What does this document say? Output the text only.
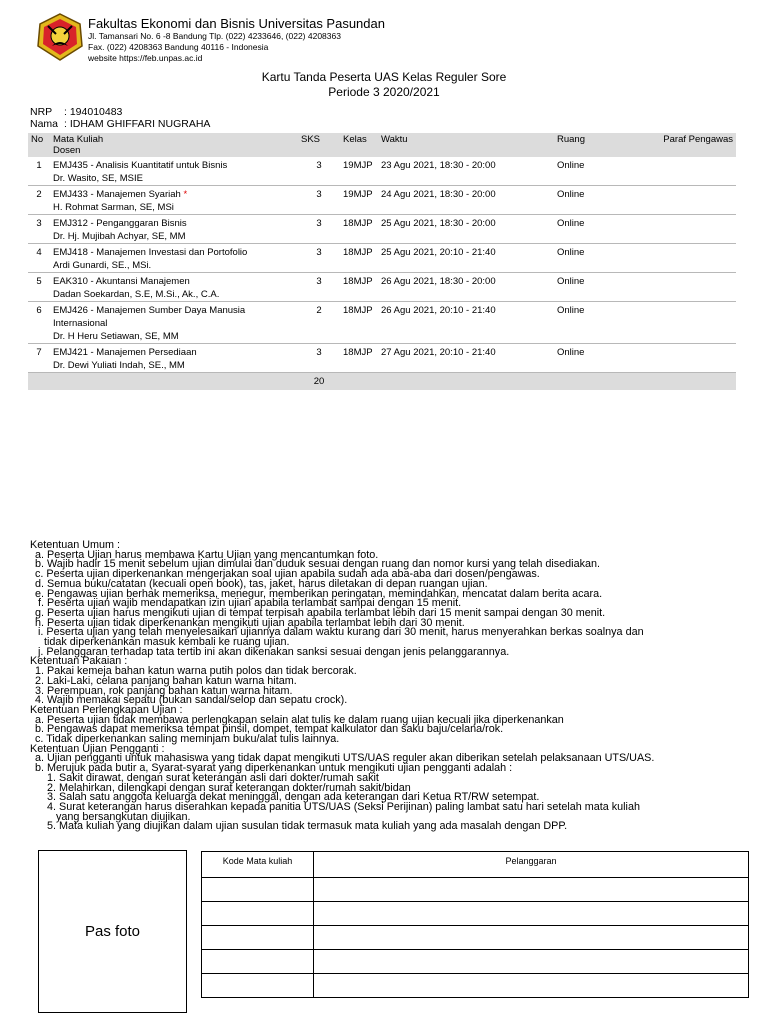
Fakultas Ekonomi dan Bisnis Universitas Pasundan
Jl. Tamansari No. 6 -8 Bandung Tlp. (022) 4233646, (022) 4208363
Fax. (022) 4208363 Bandung 40116 - Indonesia
website https://feb.unpas.ac.id
Kartu Tanda Peserta UAS Kelas Reguler Sore
Periode 3 2020/2021
NRP : 194010483
Nama : IDHAM GHIFFARI NUGRAHA
No	Mata Kuliah
Dosen	SKS	Kelas	Waktu	Ruang	Paraf Pengawas
1	EMJ435 - Analisis Kuantitatif untuk Bisnis
Dr. Wasito, SE, MSIE	3	19MJP	23 Agu 2021, 18:30 - 20:00	Online	
2	EMJ433 - Manajemen Syariah *
H. Rohmat Sarman, SE, MSi	3	19MJP	24 Agu 2021, 18:30 - 20:00	Online	
3	EMJ312 - Penganggaran Bisnis
Dr. Hj. Mujibah Achyar, SE, MM	3	18MJP	25 Agu 2021, 18:30 - 20:00	Online	
4	EMJ418 - Manajemen Investasi dan Portofolio
Ardi Gunardi, SE., MSi.	3	18MJP	25 Agu 2021, 20:10 - 21:40	Online	
5	EAK310 - Akuntansi Manajemen
Dadan Soekardan, S.E, M.Si., Ak., C.A.	3	18MJP	26 Agu 2021, 18:30 - 20:00	Online	
6	EMJ426 - Manajemen Sumber Daya Manusia
Internasional
Dr. H Heru Setiawan, SE, MM	2	18MJP	26 Agu 2021, 20:10 - 21:40	Online	
7	EMJ421 - Manajemen Persediaan
Dr. Dewi Yuliati Indah, SE., MM	3	18MJP	27 Agu 2021, 20:10 - 21:40	Online	
		20				
Ketentuan Umum :
a. Peserta Ujian harus membawa Kartu Ujian yang mencantumkan foto.
b. Wajib hadir 15 menit sebelum ujian dimulai dan duduk sesuai dengan ruang dan nomor kursi yang telah disediakan.
c. Peserta ujian diperkenankan mengerjakan soal ujian apabila sudah ada aba-aba dari dosen/pengawas.
d. Semua buku/catatan (kecuali open book), tas, jaket, harus diletakan di depan ruangan ujian.
e. Pengawas ujian berhak memeriksa, menegur, memberikan peringatan, memindahkan, mencatat dalam berita acara.
f. Peserta ujian wajib mendapatkan izin ujian apabila terlambat sampai dengan 15 menit.
g. Peserta ujian harus mengikuti ujian di tempat terpisah apabila terlambat lebih dari 15 menit sampai dengan 30 menit.
h. Peserta ujian tidak diperkenankan mengikuti ujian apabila terlambat lebih dari 30 menit.
i. Peserta ujian yang telah menyelesaikan ujiannya dalam waktu kurang dari 30 menit, harus menyerahkan berkas soalnya dan
tidak diperkenankan masuk kembali ke ruang ujian.
j. Pelanggaran terhadap tata tertib ini akan dikenakan sanksi sesuai dengan jenis pelanggarannya.
Ketentuan Pakaian :
1. Pakai kemeja bahan katun warna putih polos dan tidak bercorak.
2. Laki-Laki, celana panjang bahan katun warna hitam.
3. Perempuan, rok panjang bahan katun warna hitam.
4. Wajib memakai sepatu (bukan sandal/selop dan sepatu crock).
Ketentuan Perlengkapan Ujian :
a. Peserta ujian tidak membawa perlengkapan selain alat tulis ke dalam ruang ujian kecuali jika diperkenankan
b. Pengawas dapat memeriksa tempat pinsil, dompet, tempat kalkulator dan saku baju/celana/rok.
c. Tidak diperkenankan saling meminjam buku/alat tulis lainnya.
Ketentuan Ujian Pengganti :
a. Ujian pengganti untuk mahasiswa yang tidak dapat mengikuti UTS/UAS reguler akan diberikan setelah pelaksanaan UTS/UAS.
b. Merujuk pada butir a, Syarat-syarat yang diperkenankan untuk mengikuti ujian pengganti adalah :
1. Sakit dirawat, dengan surat keterangan asli dari dokter/rumah sakit
2. Melahirkan, dilengkapi dengan surat keterangan dokter/rumah sakit/bidan
3. Salah satu anggota keluarga dekat meninggal, dengan ada keterangan dari Ketua RT/RW setempat.
4. Surat keterangan harus diserahkan kepada panitia UTS/UAS (Seksi Perijinan) paling lambat satu hari setelah mata kuliah
yang bersangkutan diujikan.
5. Mata kuliah yang diujikan dalam ujian susulan tidak termasuk mata kuliah yang ada masalah dengan DPP.
Pas foto
Kode Mata kuliah	Pelanggaran
